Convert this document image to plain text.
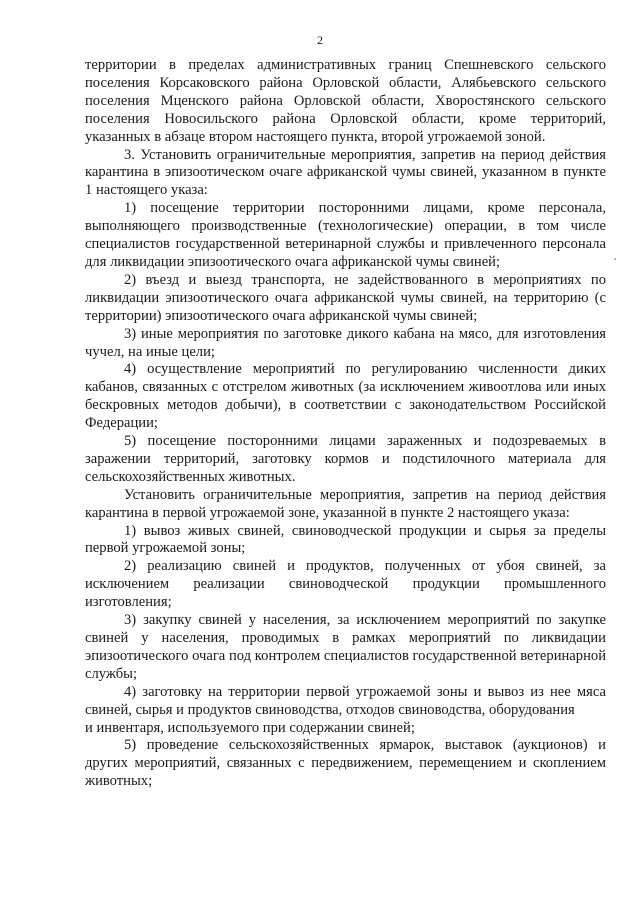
2

территории в пределах административных границ Спешневского сельского поселения Корсаковского района Орловской области, Алябьевского сельского поселения Мценского района Орловской области, Хворостянского сельского поселения Новосильского района Орловской области, кроме территорий, указанных в абзаце втором настоящего пункта, второй угрожаемой зоной.

3. Установить ограничительные мероприятия, запретив на период действия карантина в эпизоотическом очаге африканской чумы свиней, указанном в пункте 1 настоящего указа:

1) посещение территории посторонними лицами, кроме персонала, выполняющего производственные (технологические) операции, в том числе специалистов государственной ветеринарной службы и привлеченного персонала для ликвидации эпизоотического очага африканской чумы свиней;

2) въезд и выезд транспорта, не задействованного в мероприятиях по ликвидации эпизоотического очага африканской чумы свиней, на территорию (с территории) эпизоотического очага африканской чумы свиней;

3) иные мероприятия по заготовке дикого кабана на мясо, для изготовления чучел, на иные цели;

4) осуществление мероприятий по регулированию численности диких кабанов, связанных с отстрелом животных (за исключением живоотлова или иных бескровных методов добычи), в соответствии с законодательством Российской Федерации;

5) посещение посторонними лицами зараженных и подозреваемых в заражении территорий, заготовку кормов и подстилочного материала для сельскохозяйственных животных.

Установить ограничительные мероприятия, запретив на период действия карантина в первой угрожаемой зоне, указанной в пункте 2 настоящего указа:

1) вывоз живых свиней, свиноводческой продукции и сырья за пределы первой угрожаемой зоны;

2) реализацию свиней и продуктов, полученных от убоя свиней, за исключением реализации свиноводческой продукции промышленного изготовления;

3) закупку свиней у населения, за исключением мероприятий по закупке свиней у населения, проводимых в рамках мероприятий по ликвидации эпизоотического очага под контролем специалистов государственной ветеринарной службы;

4) заготовку на территории первой угрожаемой зоны и вывоз из нее мяса свиней, сырья и продуктов свиноводства, отходов свиноводства, оборудования

и инвентаря, используемого при содержании свиней;

5) проведение сельскохозяйственных ярмарок, выставок (аукционов) и других мероприятий, связанных с передвижением, перемещением и скоплением животных;
